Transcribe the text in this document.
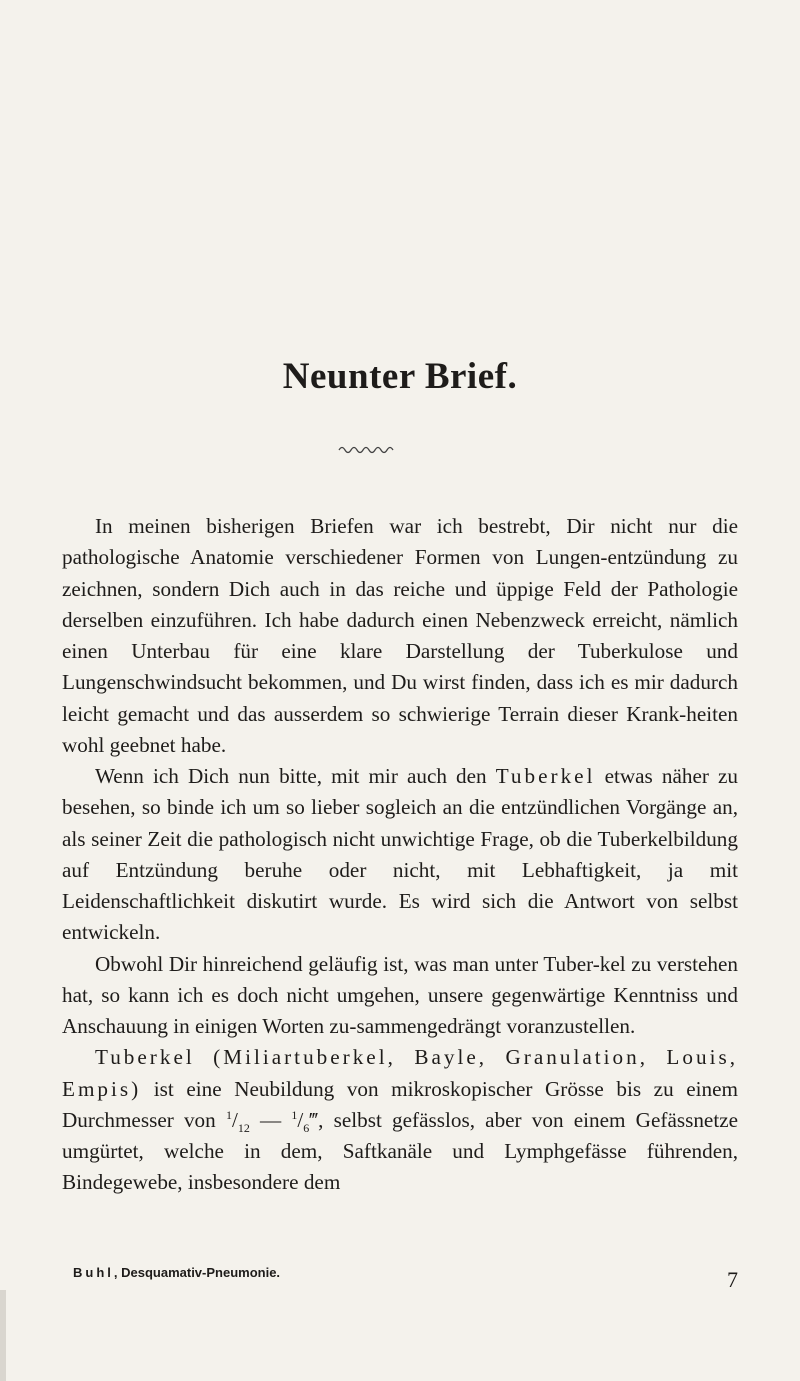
Neunter Brief.

In meinen bisherigen Briefen war ich bestrebt, Dir nicht nur die pathologische Anatomie verschiedener Formen von Lungen-entzündung zu zeichnen, sondern Dich auch in das reiche und üppige Feld der Pathologie derselben einzuführen. Ich habe dadurch einen Nebenzweck erreicht, nämlich einen Unterbau für eine klare Darstellung der Tuberkulose und Lungenschwindsucht bekommen, und Du wirst finden, dass ich es mir dadurch leicht gemacht und das ausserdem so schwierige Terrain dieser Krank-heiten wohl geebnet habe.

Wenn ich Dich nun bitte, mit mir auch den Tuberkel etwas näher zu besehen, so binde ich um so lieber sogleich an die entzündlichen Vorgänge an, als seiner Zeit die pathologisch nicht unwichtige Frage, ob die Tuberkelbildung auf Entzündung beruhe oder nicht, mit Lebhaftigkeit, ja mit Leidenschaftlichkeit diskutirt wurde. Es wird sich die Antwort von selbst entwickeln.

Obwohl Dir hinreichend geläufig ist, was man unter Tuber-kel zu verstehen hat, so kann ich es doch nicht umgehen, unsere gegenwärtige Kenntniss und Anschauung in einigen Worten zu-sammengedrängt voranzustellen.

Tuberkel (Miliartuberkel, Bayle, Granulation, Louis, Empis) ist eine Neubildung von mikroskopischer Grösse bis zu einem Durchmesser von $^1/_{12}$ — $^1/_6‴$, selbst gefässlos, aber von einem Gefässnetze umgürtet, welche in dem, Saftkanäle und Lymphgefässe führenden, Bindegewebe, insbesondere dem

Buhl, Desquamativ-Pneumonie.	7
